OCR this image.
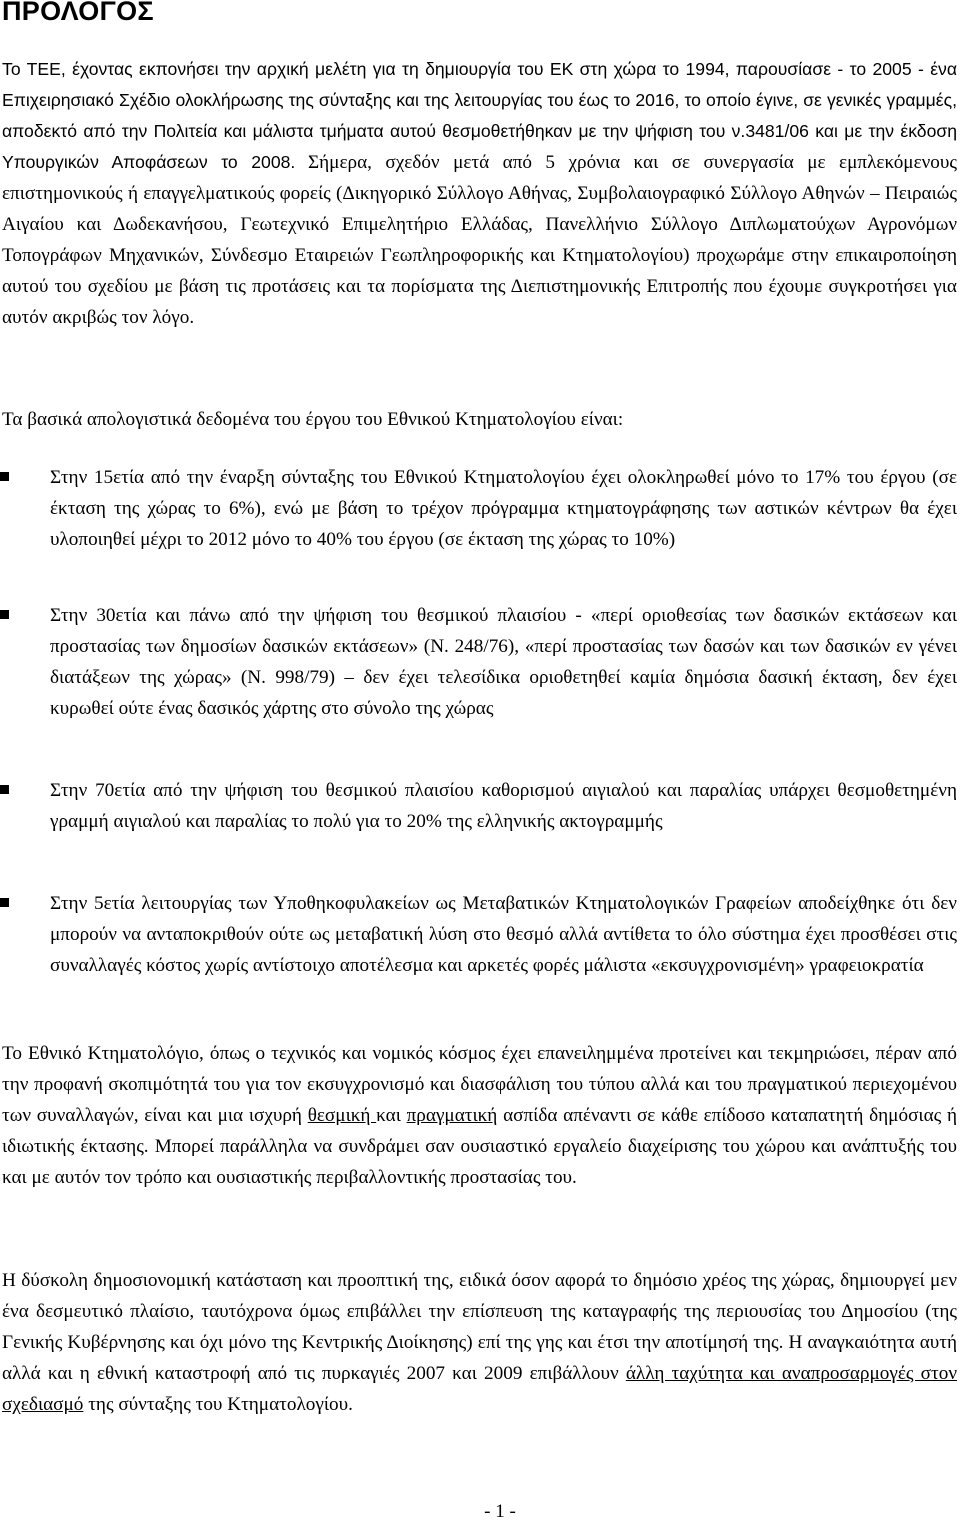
ΠΡΟΛΟΓΟΣ

Το ΤΕΕ, έχοντας εκπονήσει την αρχική μελέτη για τη δημιουργία του ΕΚ στη χώρα το 1994, παρουσίασε - το 2005 - ένα Επιχειρησιακό Σχέδιο ολοκλήρωσης της σύνταξης και της λειτουργίας του έως το 2016, το οποίο έγινε, σε γενικές γραμμές, αποδεκτό από την Πολιτεία και μάλιστα τμήματα αυτού θεσμοθετήθηκαν με την ψήφιση του ν.3481/06 και με την έκδοση Υπουργικών Αποφάσεων το 2008. Σήμερα, σχεδόν μετά από 5 χρόνια και σε συνεργασία με εμπλεκόμενους επιστημονικούς ή επαγγελματικούς φορείς (Δικηγορικό Σύλλογο Αθήνας, Συμβολαιογραφικό Σύλλογο Αθηνών – Πειραιώς Αιγαίου και Δωδεκανήσου, Γεωτεχνικό Επιμελητήριο Ελλάδας, Πανελλήνιο Σύλλογο Διπλωματούχων Αγρονόμων Τοπογράφων Μηχανικών, Σύνδεσμο Εταιρειών Γεωπληροφορικής και Κτηματολογίου) προχωράμε στην επικαιροποίηση αυτού του σχεδίου με βάση τις προτάσεις και τα πορίσματα της Διεπιστημονικής Επιτροπής που έχουμε συγκροτήσει για αυτόν ακριβώς τον λόγο.

Τα βασικά απολογιστικά δεδομένα του έργου του Εθνικού Κτηματολογίου είναι:

Στην 15ετία από την έναρξη σύνταξης του Εθνικού Κτηματολογίου έχει ολοκληρωθεί μόνο το 17% του έργου (σε έκταση της χώρας το 6%), ενώ με βάση το τρέχον πρόγραμμα κτηματογράφησης των αστικών κέντρων θα έχει υλοποιηθεί μέχρι το 2012 μόνο το 40% του έργου (σε έκταση της χώρας το 10%)

Στην 30ετία και πάνω από την ψήφιση του θεσμικού πλαισίου - «περί οριοθεσίας των δασικών εκτάσεων και προστασίας των δημοσίων δασικών εκτάσεων» (Ν. 248/76), «περί προστασίας των δασών και των δασικών εν γένει διατάξεων της χώρας» (Ν. 998/79) – δεν έχει τελεσίδικα οριοθετηθεί καμία δημόσια δασική έκταση, δεν έχει κυρωθεί ούτε ένας δασικός χάρτης στο σύνολο της χώρας

Στην 70ετία από την ψήφιση του θεσμικού πλαισίου καθορισμού αιγιαλού και παραλίας υπάρχει θεσμοθετημένη γραμμή αιγιαλού και παραλίας το πολύ για το 20% της ελληνικής ακτογραμμής

Στην 5ετία λειτουργίας των Υποθηκοφυλακείων ως Μεταβατικών Κτηματολογικών Γραφείων αποδείχθηκε ότι δεν μπορούν να ανταποκριθούν ούτε ως μεταβατική λύση στο θεσμό αλλά αντίθετα το όλο σύστημα έχει προσθέσει στις συναλλαγές κόστος χωρίς αντίστοιχο αποτέλεσμα και αρκετές φορές μάλιστα «εκσυγχρονισμένη» γραφειοκρατία

Το Εθνικό Κτηματολόγιο, όπως ο τεχνικός και νομικός κόσμος έχει επανειλημμένα προτείνει και τεκμηριώσει, πέραν από την προφανή σκοπιμότητά του για τον εκσυγχρονισμό και διασφάλιση του τύπου αλλά και του πραγματικού περιεχομένου των συναλλαγών, είναι και μια ισχυρή θεσμική και πραγματική ασπίδα απέναντι σε κάθε επίδοσο καταπατητή δημόσιας ή ιδιωτικής έκτασης. Μπορεί παράλληλα να συνδράμει σαν ουσιαστικό εργαλείο διαχείρισης του χώρου και ανάπτυξής του και με αυτόν τον τρόπο και ουσιαστικής περιβαλλοντικής προστασίας του.

Η δύσκολη δημοσιονομική κατάσταση και προοπτική της, ειδικά όσον αφορά το δημόσιο χρέος της χώρας, δημιουργεί μεν ένα δεσμευτικό πλαίσιο, ταυτόχρονα όμως επιβάλλει την επίσπευση της καταγραφής της περιουσίας του Δημοσίου (της Γενικής Κυβέρνησης και όχι μόνο της Κεντρικής Διοίκησης) επί της γης και έτσι την αποτίμησή της. Η αναγκαιότητα αυτή αλλά και η εθνική καταστροφή από τις πυρκαγιές 2007 και 2009 επιβάλλουν άλλη ταχύτητα και αναπροσαρμογές στον σχεδιασμό της σύνταξης του Κτηματολογίου.

- 1 -
